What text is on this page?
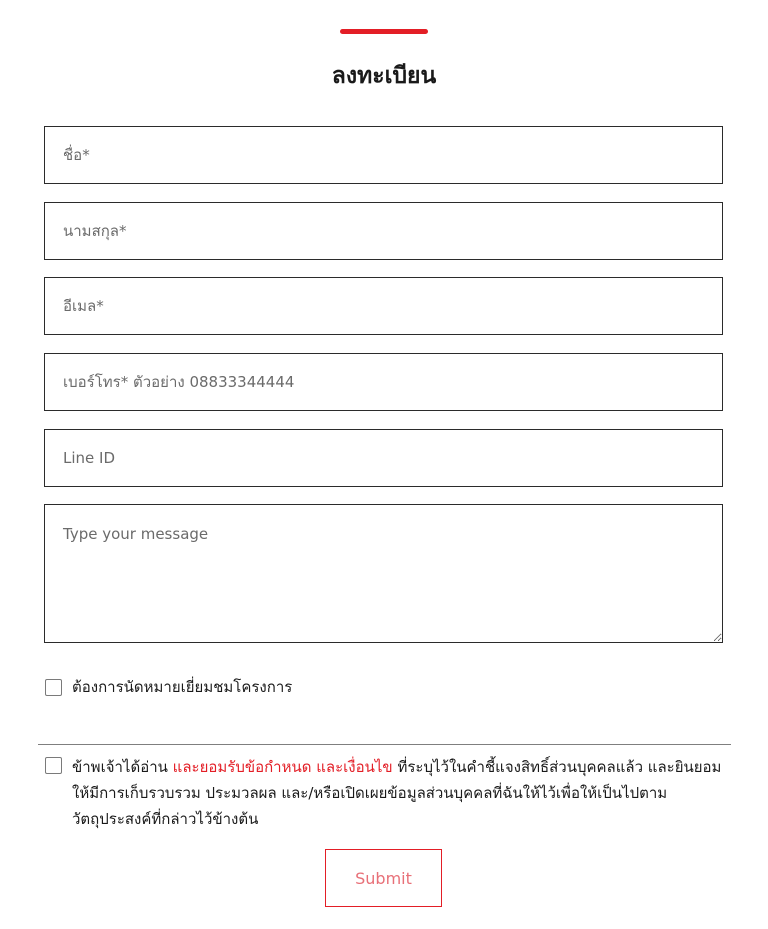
ลงทะเบียน
ชื่อ*
นามสกุล*
อีเมล*
เบอร์โทร* ตัวอย่าง 08833344444
Line ID
Type your message
ต้องการนัดหมายเยี่ยมชมโครงการ
ข้าพเจ้าได้อ่าน และยอมรับข้อกำหนด และเงื่อนไข ที่ระบุไว้ในคำชี้แจงสิทธิ์ส่วนบุคคลแล้ว และยินยอมให้มีการเก็บรวบรวม ประมวลผล และ/หรือเปิดเผยข้อมูลส่วนบุคคลที่ฉันให้ไว้เพื่อให้เป็นไปตามวัตถุประสงค์ที่กล่าวไว้ข้างต้น
Submit
